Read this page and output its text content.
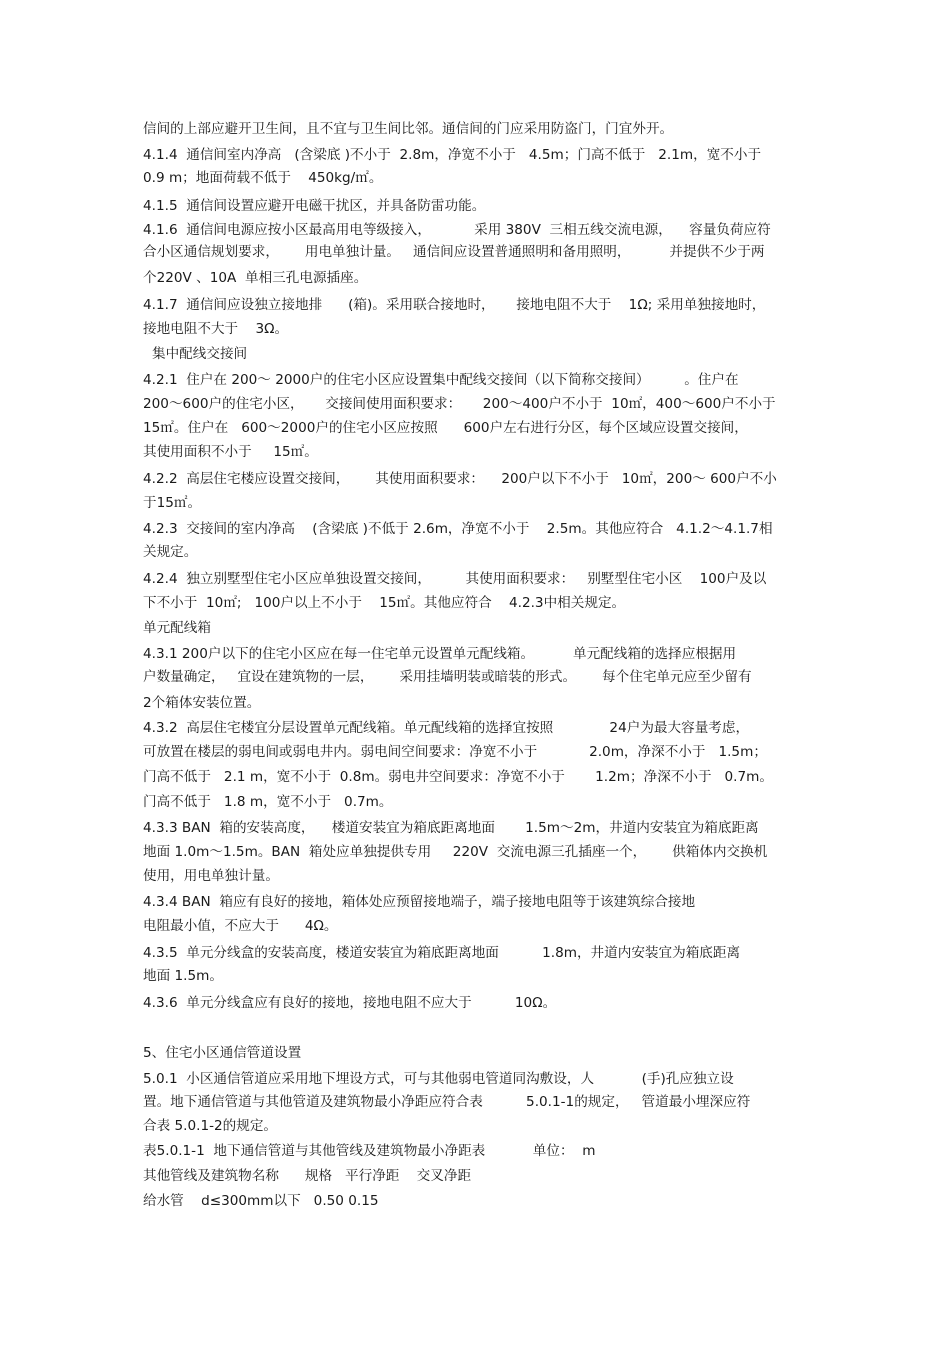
信间的上部应避开卫生间，且不宜与卫生间比邻。通信间的门应采用防盗门，门宜外开。
4.1.4  通信间室内净高   (含梁底 )不小于  2.8m，净宽不小于   4.5m；门高不低于   2.1m，宽不小于
0.9 m；地面荷载不低于    450kg/㎡。
4.1.5  通信间设置应避开电磁干扰区，并具备防雷功能。
4.1.6  通信间电源应按小区最高用电等级接入，          采用 380V  三相五线交流电源，    容量负荷应符
合小区通信规划要求，      用电单独计量。   通信间应设置普通照明和备用照明，         并提供不少于两
个220V 、10A  单相三孔电源插座。
4.1.7  通信间应设独立接地排      (箱)。采用联合接地时，     接地电阻不大于    1Ω; 采用单独接地时，
接地电阻不大于    3Ω。
集中配线交接间
4.2.1  住户在 200～ 2000户的住宅小区应设置集中配线交接间（以下简称交接间）        。住户在
200～600户的住宅小区，     交接间使用面积要求：     200～400户不小于  10㎡，400～600户不小于
15㎡。住户在   600～2000户的住宅小区应按照      600户左右进行分区，每个区域应设置交接间，
其使用面积不小于     15㎡。
4.2.2  高层住宅楼应设置交接间，      其使用面积要求：    200户以下不小于   10㎡，200～ 600户不小
于15㎡。
4.2.3  交接间的室内净高    (含梁底 )不低于 2.6m，净宽不小于    2.5m。其他应符合   4.1.2～4.1.7相
关规定。
4.2.4  独立别墅型住宅小区应单独设置交接间，        其使用面积要求：   别墅型住宅小区    100户及以
下不小于  10㎡;   100户以上不小于    15㎡。其他应符合    4.2.3中相关规定。
单元配线箱
4.3.1 200户以下的住宅小区应在每一住宅单元设置单元配线箱。         单元配线箱的选择应根据用
户数量确定，   宜设在建筑物的一层，      采用挂墙明装或暗装的形式。      每个住宅单元应至少留有
2个箱体安装位置。
4.3.2  高层住宅楼宜分层设置单元配线箱。单元配线箱的选择宜按照             24户为最大容量考虑，
可放置在楼层的弱电间或弱电井内。弱电间空间要求：净宽不小于            2.0m，净深不小于   1.5m；
门高不低于   2.1 m，宽不小于  0.8m。弱电井空间要求：净宽不小于       1.2m；净深不小于   0.7m。
门高不低于   1.8 m，宽不小于   0.7m。
4.3.3 BAN  箱的安装高度，    楼道安装宜为箱底距离地面       1.5m～2m，井道内安装宜为箱底距离
地面 1.0m～1.5m。BAN  箱处应单独提供专用     220V  交流电源三孔插座一个，      供箱体内交换机
使用，用电单独计量。
4.3.4 BAN  箱应有良好的接地，箱体处应预留接地端子，端子接地电阻等于该建筑综合接地
电阻最小值，不应大于      4Ω。
4.3.5  单元分线盒的安装高度，楼道安装宜为箱底距离地面          1.8m，井道内安装宜为箱底距离
地面 1.5m。
4.3.6  单元分线盒应有良好的接地，接地电阻不应大于          10Ω。
5、住宅小区通信管道设置
5.0.1  小区通信管道应采用地下埋设方式，可与其他弱电管道同沟敷设，人           (手)孔应独立设
置。地下通信管道与其他管道及建筑物最小净距应符合表          5.0.1-1的规定，   管道最小埋深应符
合表 5.0.1-2的规定。
表5.0.1-1  地下通信管道与其他管线及建筑物最小净距表           单位：  m
其他管线及建筑物名称      规格   平行净距    交叉净距
给水管    d≤300mm以下   0.50 0.15
